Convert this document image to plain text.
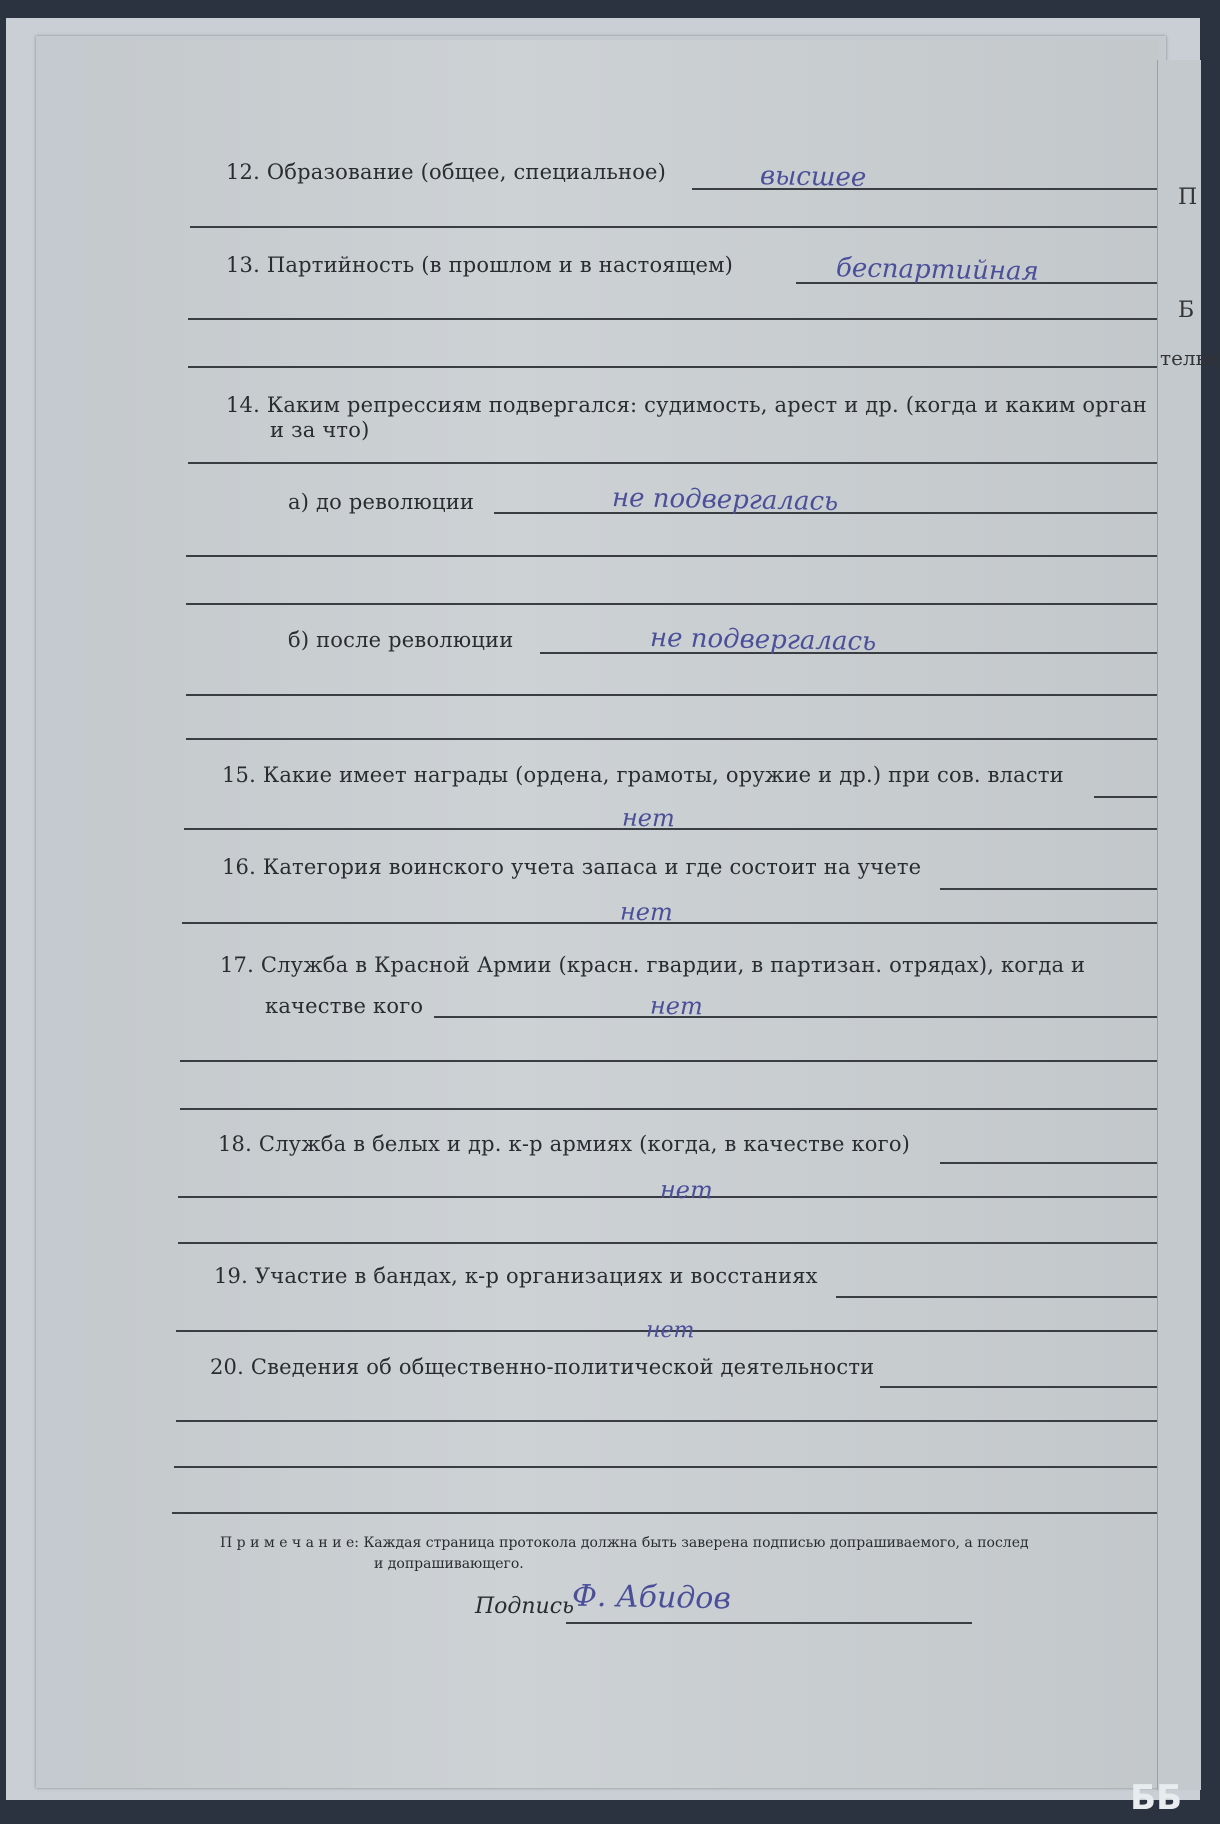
П
Б
тельн
12. Образование (общее, специальное)	высшее
13. Партийность (в прошлом и в настоящем)	беспартийная
14. Каким репрессиям подвергался: судимость, арест и др. (когда и каким орган
и за что)
а) до революции	не подвергалась
б) после революции	не подвергалась
15. Какие имеет награды (ордена, грамоты, оружие и др.) при сов. власти
нет
16. Категория воинского учета запаса и где состоит на учете
нет
17. Служба в Красной Армии (красн. гвардии, в партизан. отрядах), когда и
качестве кого	нет
18. Служба в белых и др. к-р армиях (когда, в качестве кого)
нет
19. Участие в бандах, к-р организациях и восстаниях
нет
20. Сведения об общественно-политической деятельности
П р и м е ч а н и е: Каждая страница протокола должна быть заверена подписью допрашиваемого, а послед
и допрашивающего.
Подпись
Ф. Абидов
ББ
